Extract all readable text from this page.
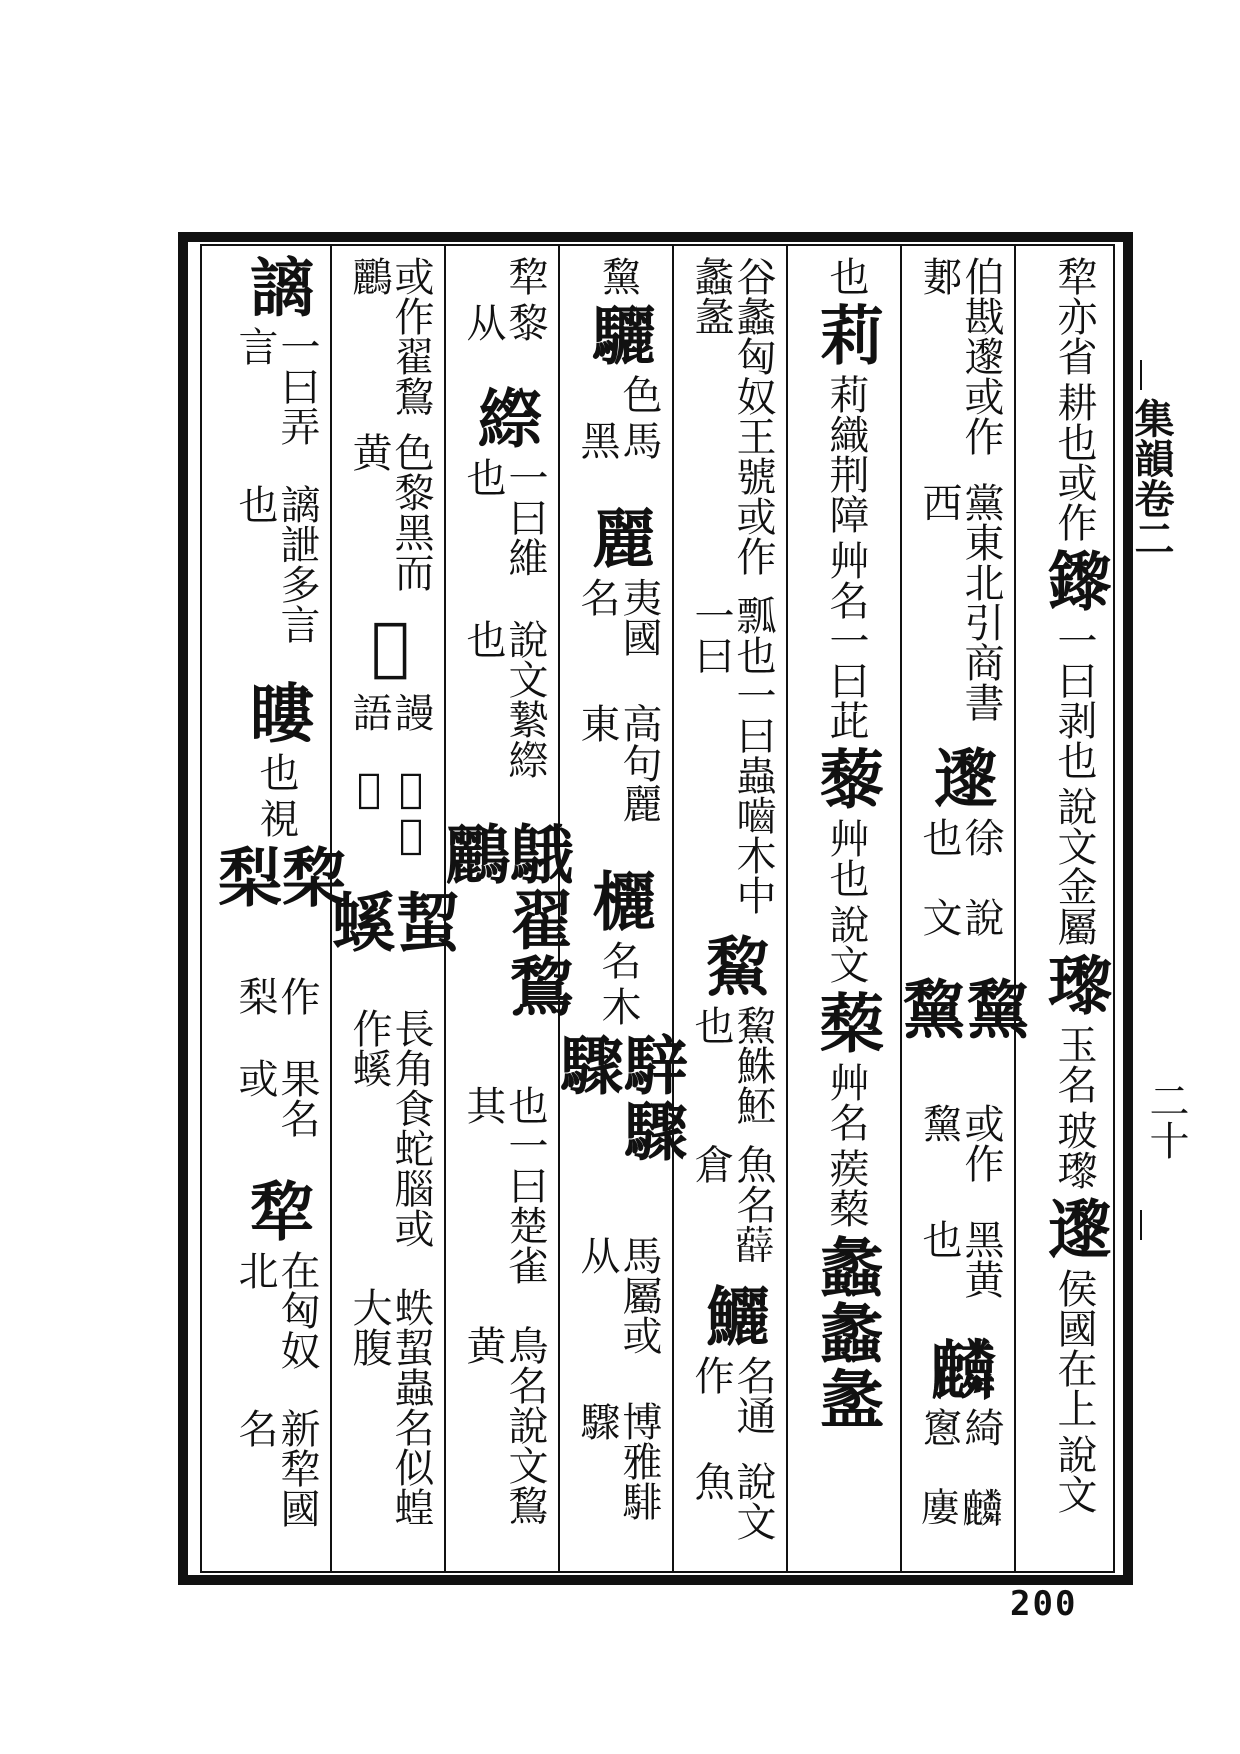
耕也或作
犂亦省
鑗
說文金屬
一曰剥也
瓈
玻瓈
玉名
邌
說文
侯國在上
黨東北引商書西
伯戡邌或作郪
邌
說文
徐也
黧黧
黑黄也
或作黧
𪋷
𪋷廔
綺窻
也
莉
艸名一曰茈
莉織荆障
藜
說文
艸也
蔾
蒺蔾
艸名
蠡蠡盠
瓢也一曰蟲嚙木中一曰
谷蠡匈奴王號或作蠡盠
鯬
魚名𧀼倉
鯬鮢魾也
鱺
說文魚
名通作
黧
驪
馬黑
色
麗
高句麗東
夷國名
欐
木
名
騂驟驟
博雅騑驟
馬屬或从
黎从
犂
縩
說文縶縩也
一曰維也
䳘翟鵹鸝
鳥名說文鵹黄
也一曰楚雀其
色黎黑而黄
或作翟鵹鸝
𢡪
𢡪怟欺
謾語
蛪螇
蛈蛪蟲名似蝗大腹
長角食蛇腦或作螇
謧
謧詍多言也
一曰弄言
瞜
視
也
棃梨
果名或
作梨
犂
新犂國名
在匈奴北
集韻卷二
二十
200
